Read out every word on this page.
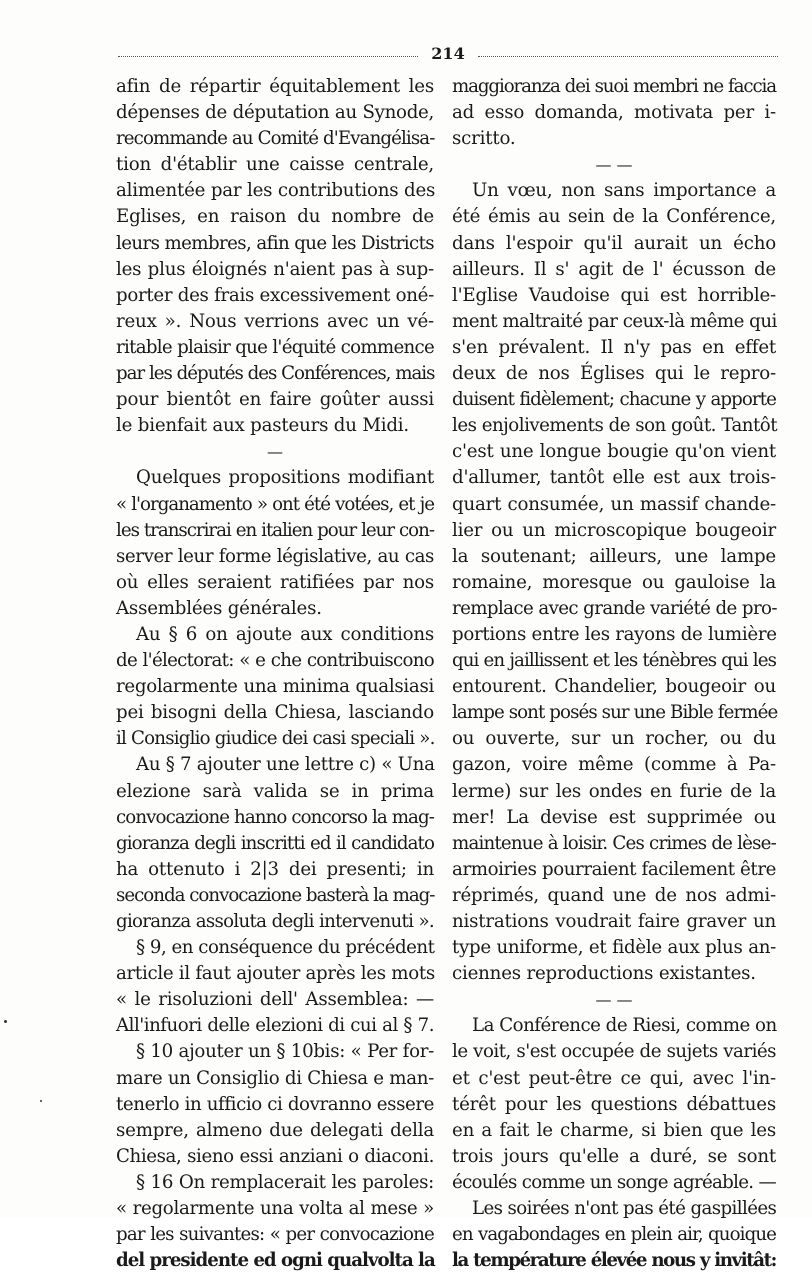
214
afin de répartir équitablement les
dépenses de députation au Synode,
recommande au Comité d'Evangélisa-
tion d'établir une caisse centrale,
alimentée par les contributions des
Eglises, en raison du nombre de
leurs membres, afin que les Districts
les plus éloignés n'aient pas à sup-
porter des frais excessivement oné-
reux ». Nous verrions avec un vé-
ritable plaisir que l'équité commence
par les députés des Conférences, mais
pour bientôt en faire goûter aussi
le bienfait aux pasteurs du Midi.
—
Quelques propositions modifiant
« l'organamento » ont été votées, et je
les transcrirai en italien pour leur con-
server leur forme législative, au cas
où elles seraient ratifiées par nos
Assemblées générales.
Au § 6 on ajoute aux conditions
de l'électorat: « e che contribuiscono
regolarmente una minima qualsiasi
pei bisogni della Chiesa, lasciando
il Consiglio giudice dei casi speciali ».
Au § 7 ajouter une lettre c) « Una
elezione sarà valida se in prima
convocazione hanno concorso la mag-
gioranza degli inscritti ed il candidato
ha ottenuto i 2|3 dei presenti; in
seconda convocazione basterà la mag-
gioranza assoluta degli intervenuti ».
§ 9, en conséquence du précédent
article il faut ajouter après les mots
« le risoluzioni dell' Assemblea: —
All'infuori delle elezioni di cui al § 7.
§ 10 ajouter un § 10bis: « Per for-
mare un Consiglio di Chiesa e man-
tenerlo in ufficio ci dovranno essere
sempre, almeno due delegati della
Chiesa, sieno essi anziani o diaconi.
§ 16 On remplacerait les paroles:
« regolarmente una volta al mese »
par les suivantes: « per convocazione
del presidente ed ogni qualvolta la
maggioranza dei suoi membri ne faccia
ad esso domanda, motivata per i-
scritto.
— —
Un vœu, non sans importance a
été émis au sein de la Conférence,
dans l'espoir qu'il aurait un écho
ailleurs. Il s' agit de l' écusson de
l'Eglise Vaudoise qui est horrible-
ment maltraité par ceux-là même qui
s'en prévalent. Il n'y pas en effet
deux de nos Églises qui le repro-
duisent fidèlement; chacune y apporte
les enjolivements de son goût. Tantôt
c'est une longue bougie qu'on vient
d'allumer, tantôt elle est aux trois-
quart consumée, un massif chande-
lier ou un microscopique bougeoir
la soutenant; ailleurs, une lampe
romaine, moresque ou gauloise la
remplace avec grande variété de pro-
portions entre les rayons de lumière
qui en jaillissent et les ténèbres qui les
entourent. Chandelier, bougeoir ou
lampe sont posés sur une Bible fermée
ou ouverte, sur un rocher, ou du
gazon, voire même (comme à Pa-
lerme) sur les ondes en furie de la
mer! La devise est supprimée ou
maintenue à loisir. Ces crimes de lèse-
armoiries pourraient facilement être
réprimés, quand une de nos admi-
nistrations voudrait faire graver un
type uniforme, et fidèle aux plus an-
ciennes reproductions existantes.
— —
La Conférence de Riesi, comme on
le voit, s'est occupée de sujets variés
et c'est peut-être ce qui, avec l'in-
térêt pour les questions débattues
en a fait le charme, si bien que les
trois jours qu'elle a duré, se sont
écoulés comme un songe agréable. —
Les soirées n'ont pas été gaspillées
en vagabondages en plein air, quoique
la température élevée nous y invitât:
